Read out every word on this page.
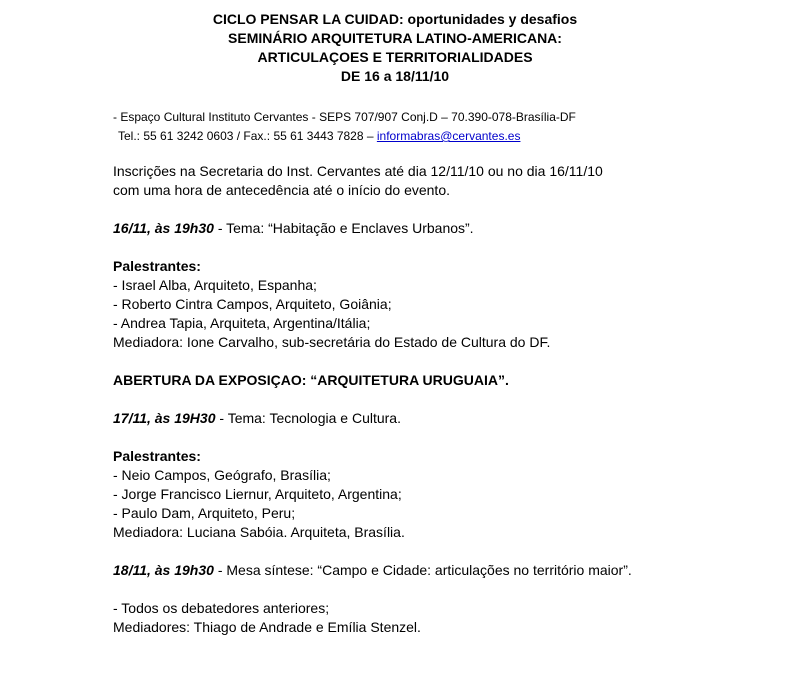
CICLO PENSAR LA CUIDAD: oportunidades y desafios
SEMINÁRIO ARQUITETURA LATINO-AMERICANA:
ARTICULAÇOES E TERRITORIALIDADES
DE 16 a 18/11/10
- Espaço Cultural Instituto Cervantes - SEPS 707/907 Conj.D – 70.390-078-Brasília-DF
Tel.: 55 61 3242 0603 / Fax.: 55 61 3443 7828 – informabras@cervantes.es
Inscrições na Secretaria do Inst. Cervantes até dia 12/11/10 ou no dia 16/11/10
com uma hora de antecedência até o início do evento.
16/11, às 19h30 - Tema: “Habitação e Enclaves Urbanos”.
Palestrantes:
- Israel Alba, Arquiteto, Espanha;
- Roberto Cintra Campos, Arquiteto, Goiânia;
- Andrea Tapia, Arquiteta, Argentina/Itália;
Mediadora: Ione Carvalho, sub-secretária do Estado de Cultura do DF.
ABERTURA DA EXPOSIÇAO: “ARQUITETURA URUGUAIA”.
17/11, às 19H30 - Tema: Tecnologia e Cultura.
Palestrantes:
- Neio Campos, Geógrafo, Brasília;
- Jorge Francisco Liernur, Arquiteto, Argentina;
- Paulo Dam, Arquiteto, Peru;
Mediadora: Luciana Sabóia. Arquiteta, Brasília.
18/11, às 19h30 - Mesa síntese: “Campo e Cidade: articulações no território maior”.
- Todos os debatedores anteriores;
Mediadores: Thiago de Andrade e Emília Stenzel.
